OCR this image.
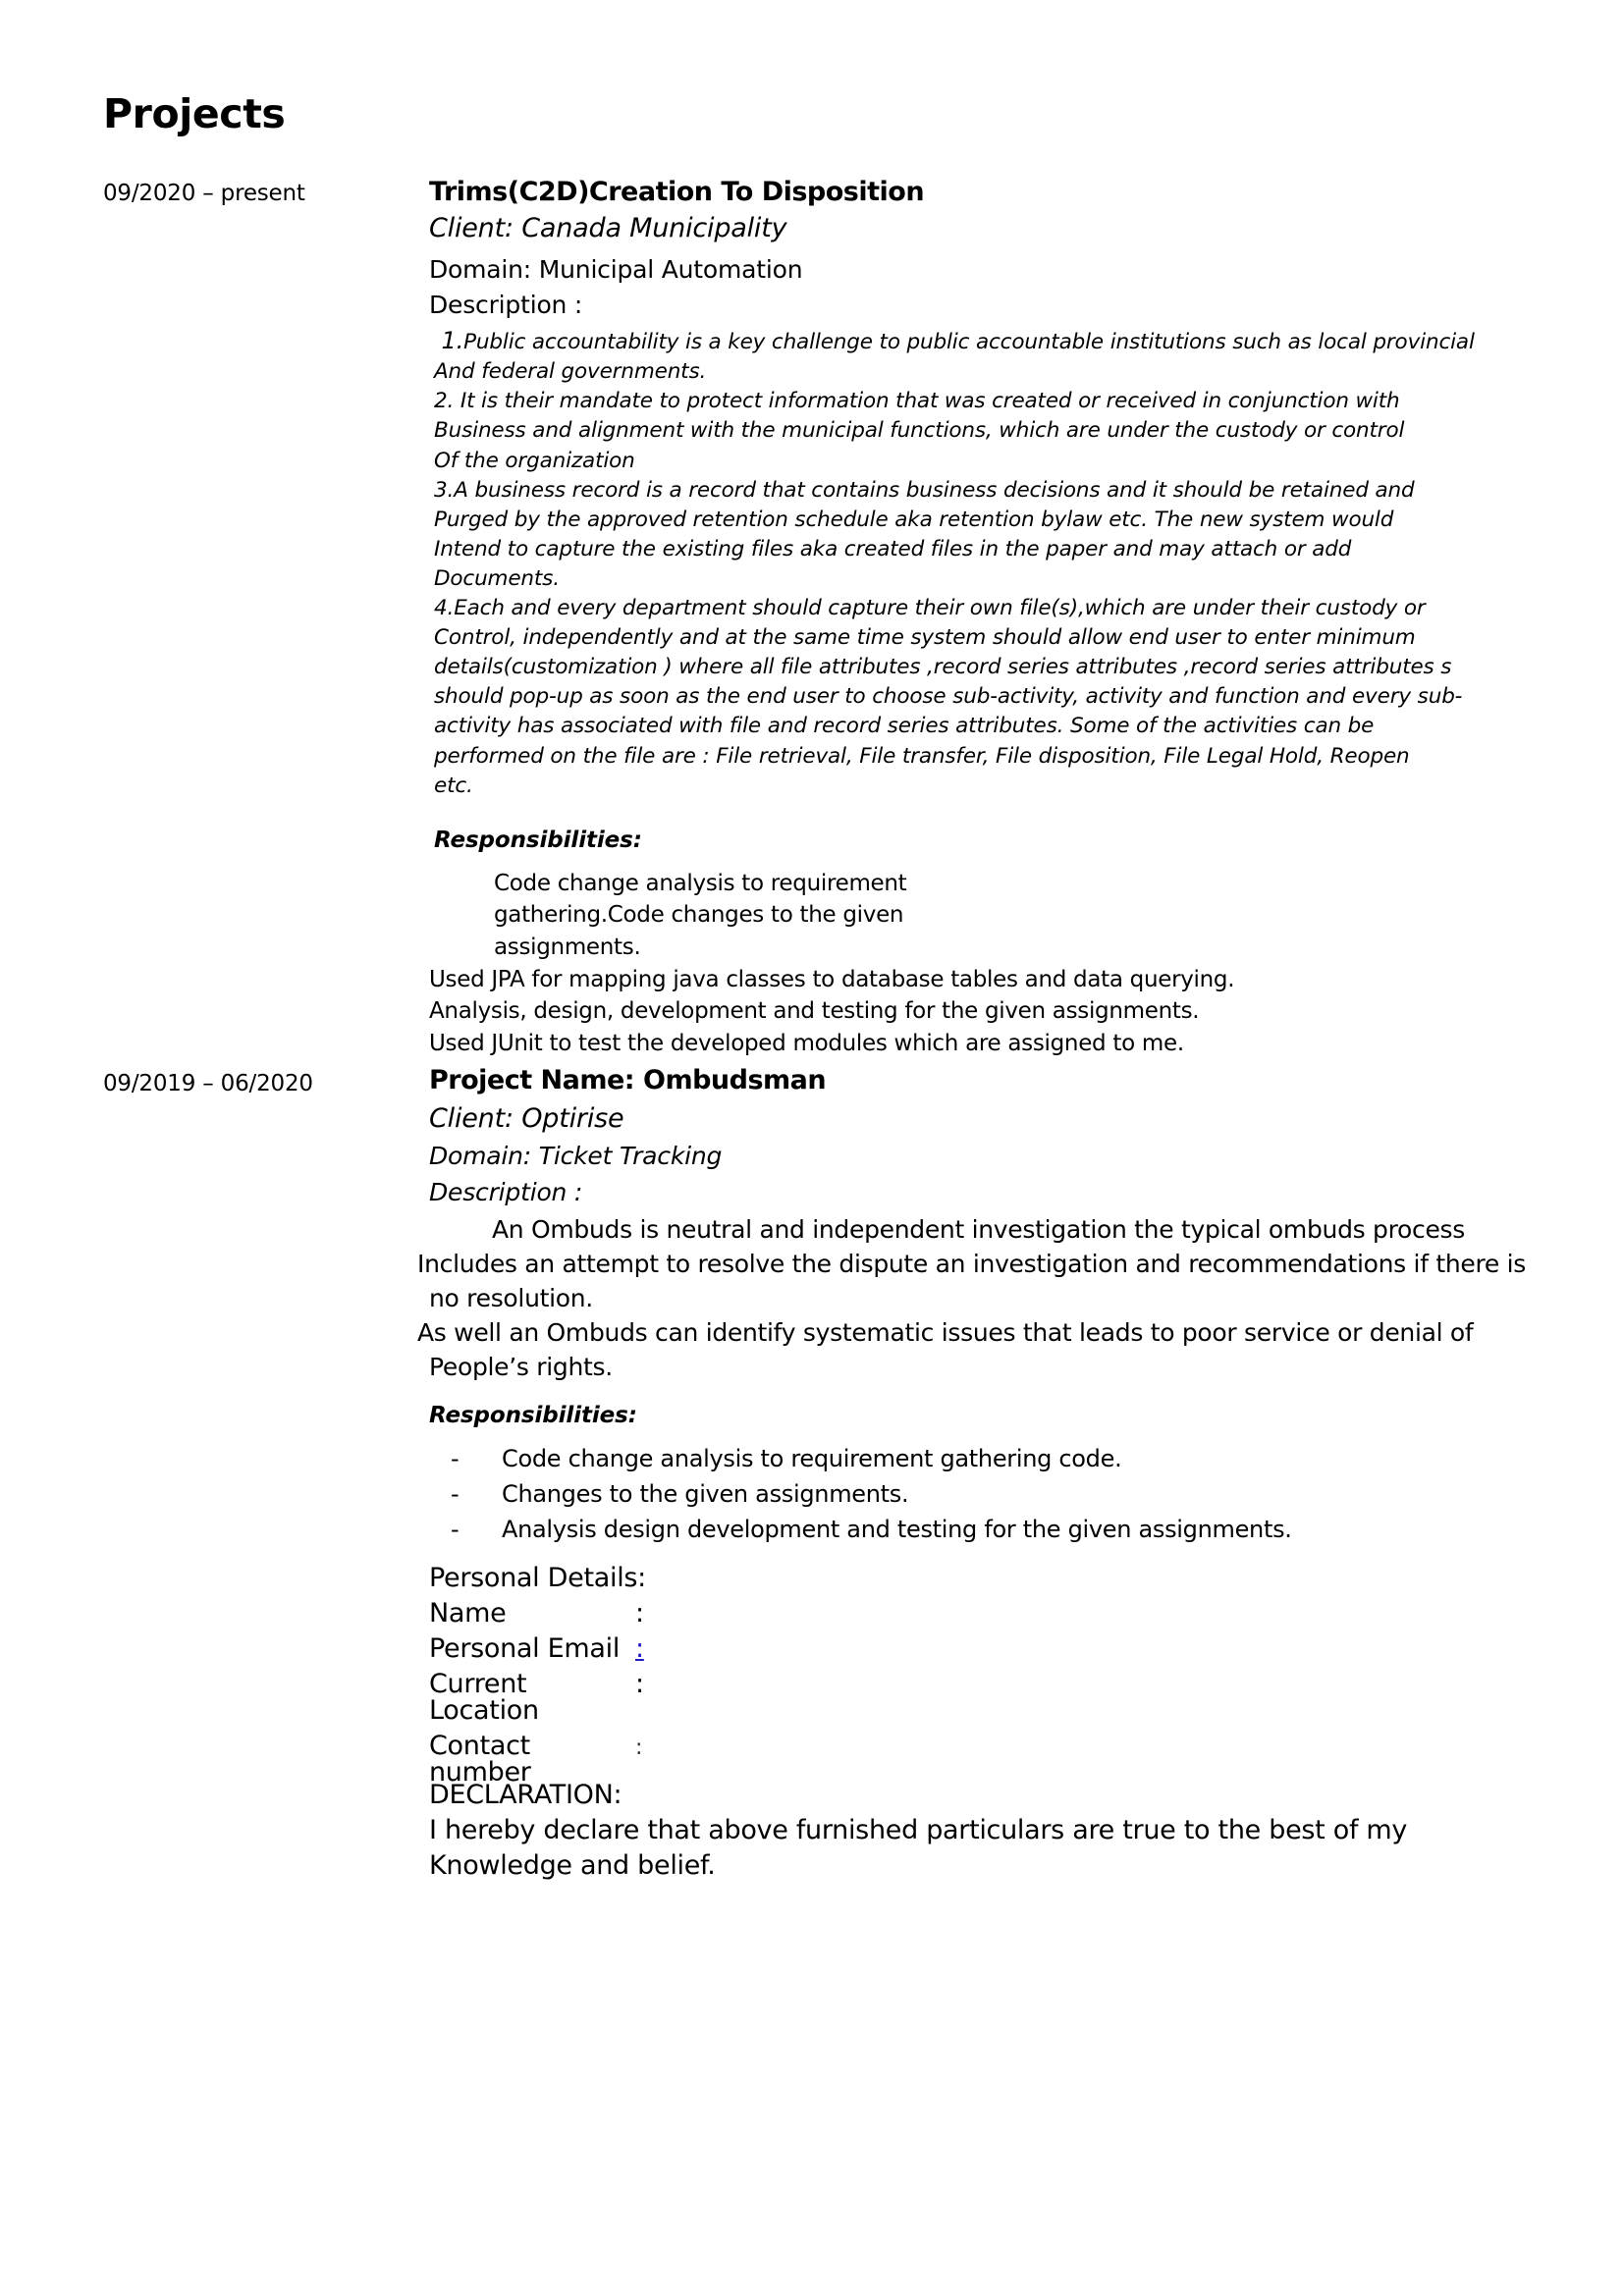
Projects
09/2020 – present	Trims(C2D)Creation To Disposition
Client: Canada Municipality
Domain: Municipal Automation
Description :
1.Public accountability is a key challenge to public accountable institutions such as local provincial
And federal governments.
2. It is their mandate to protect information that was created or received in conjunction with
Business and alignment with the municipal functions, which are under the custody or control
Of the organization
3.A business record is a record that contains business decisions and it should be retained and
Purged by the approved retention schedule aka retention bylaw etc. The new system would
Intend to capture the existing files aka created files in the paper and may attach or add
Documents.
4.Each and every department should capture their own file(s),which are under their custody or
Control, independently and at the same time system should allow end user to enter minimum
details(customization ) where all file attributes ,record series attributes ,record series attributes s
should pop-up as soon as the end user to choose sub-activity, activity and function and every sub-
activity has associated with file and record series attributes. Some of the activities can be
performed on the file are : File retrieval, File transfer, File disposition, File Legal Hold, Reopen
etc.
Responsibilities:
Code change analysis to requirement
gathering.Code changes to the given
assignments.
Used JPA for mapping java classes to database tables and data querying.
Analysis, design, development and testing for the given assignments.
Used JUnit to test the developed modules which are assigned to me.
09/2019 – 06/2020	Project Name: Ombudsman
Client: Optirise
Domain: Ticket Tracking
Description :
An Ombuds is neutral and independent investigation the typical ombuds process
Includes an attempt to resolve the dispute an investigation and recommendations if there is
no resolution.
As well an Ombuds can identify systematic issues that leads to poor service or denial of
People’s rights.
Responsibilities:
-	Code change analysis to requirement gathering code.
-	Changes to the given assignments.
-	Analysis design development and testing for the given assignments.
Personal Details:
Name	:
Personal Email :
Current Location
:
Contact number
:
DECLARATION:
I hereby declare that above furnished particulars are true to the best of my
Knowledge and belief.
